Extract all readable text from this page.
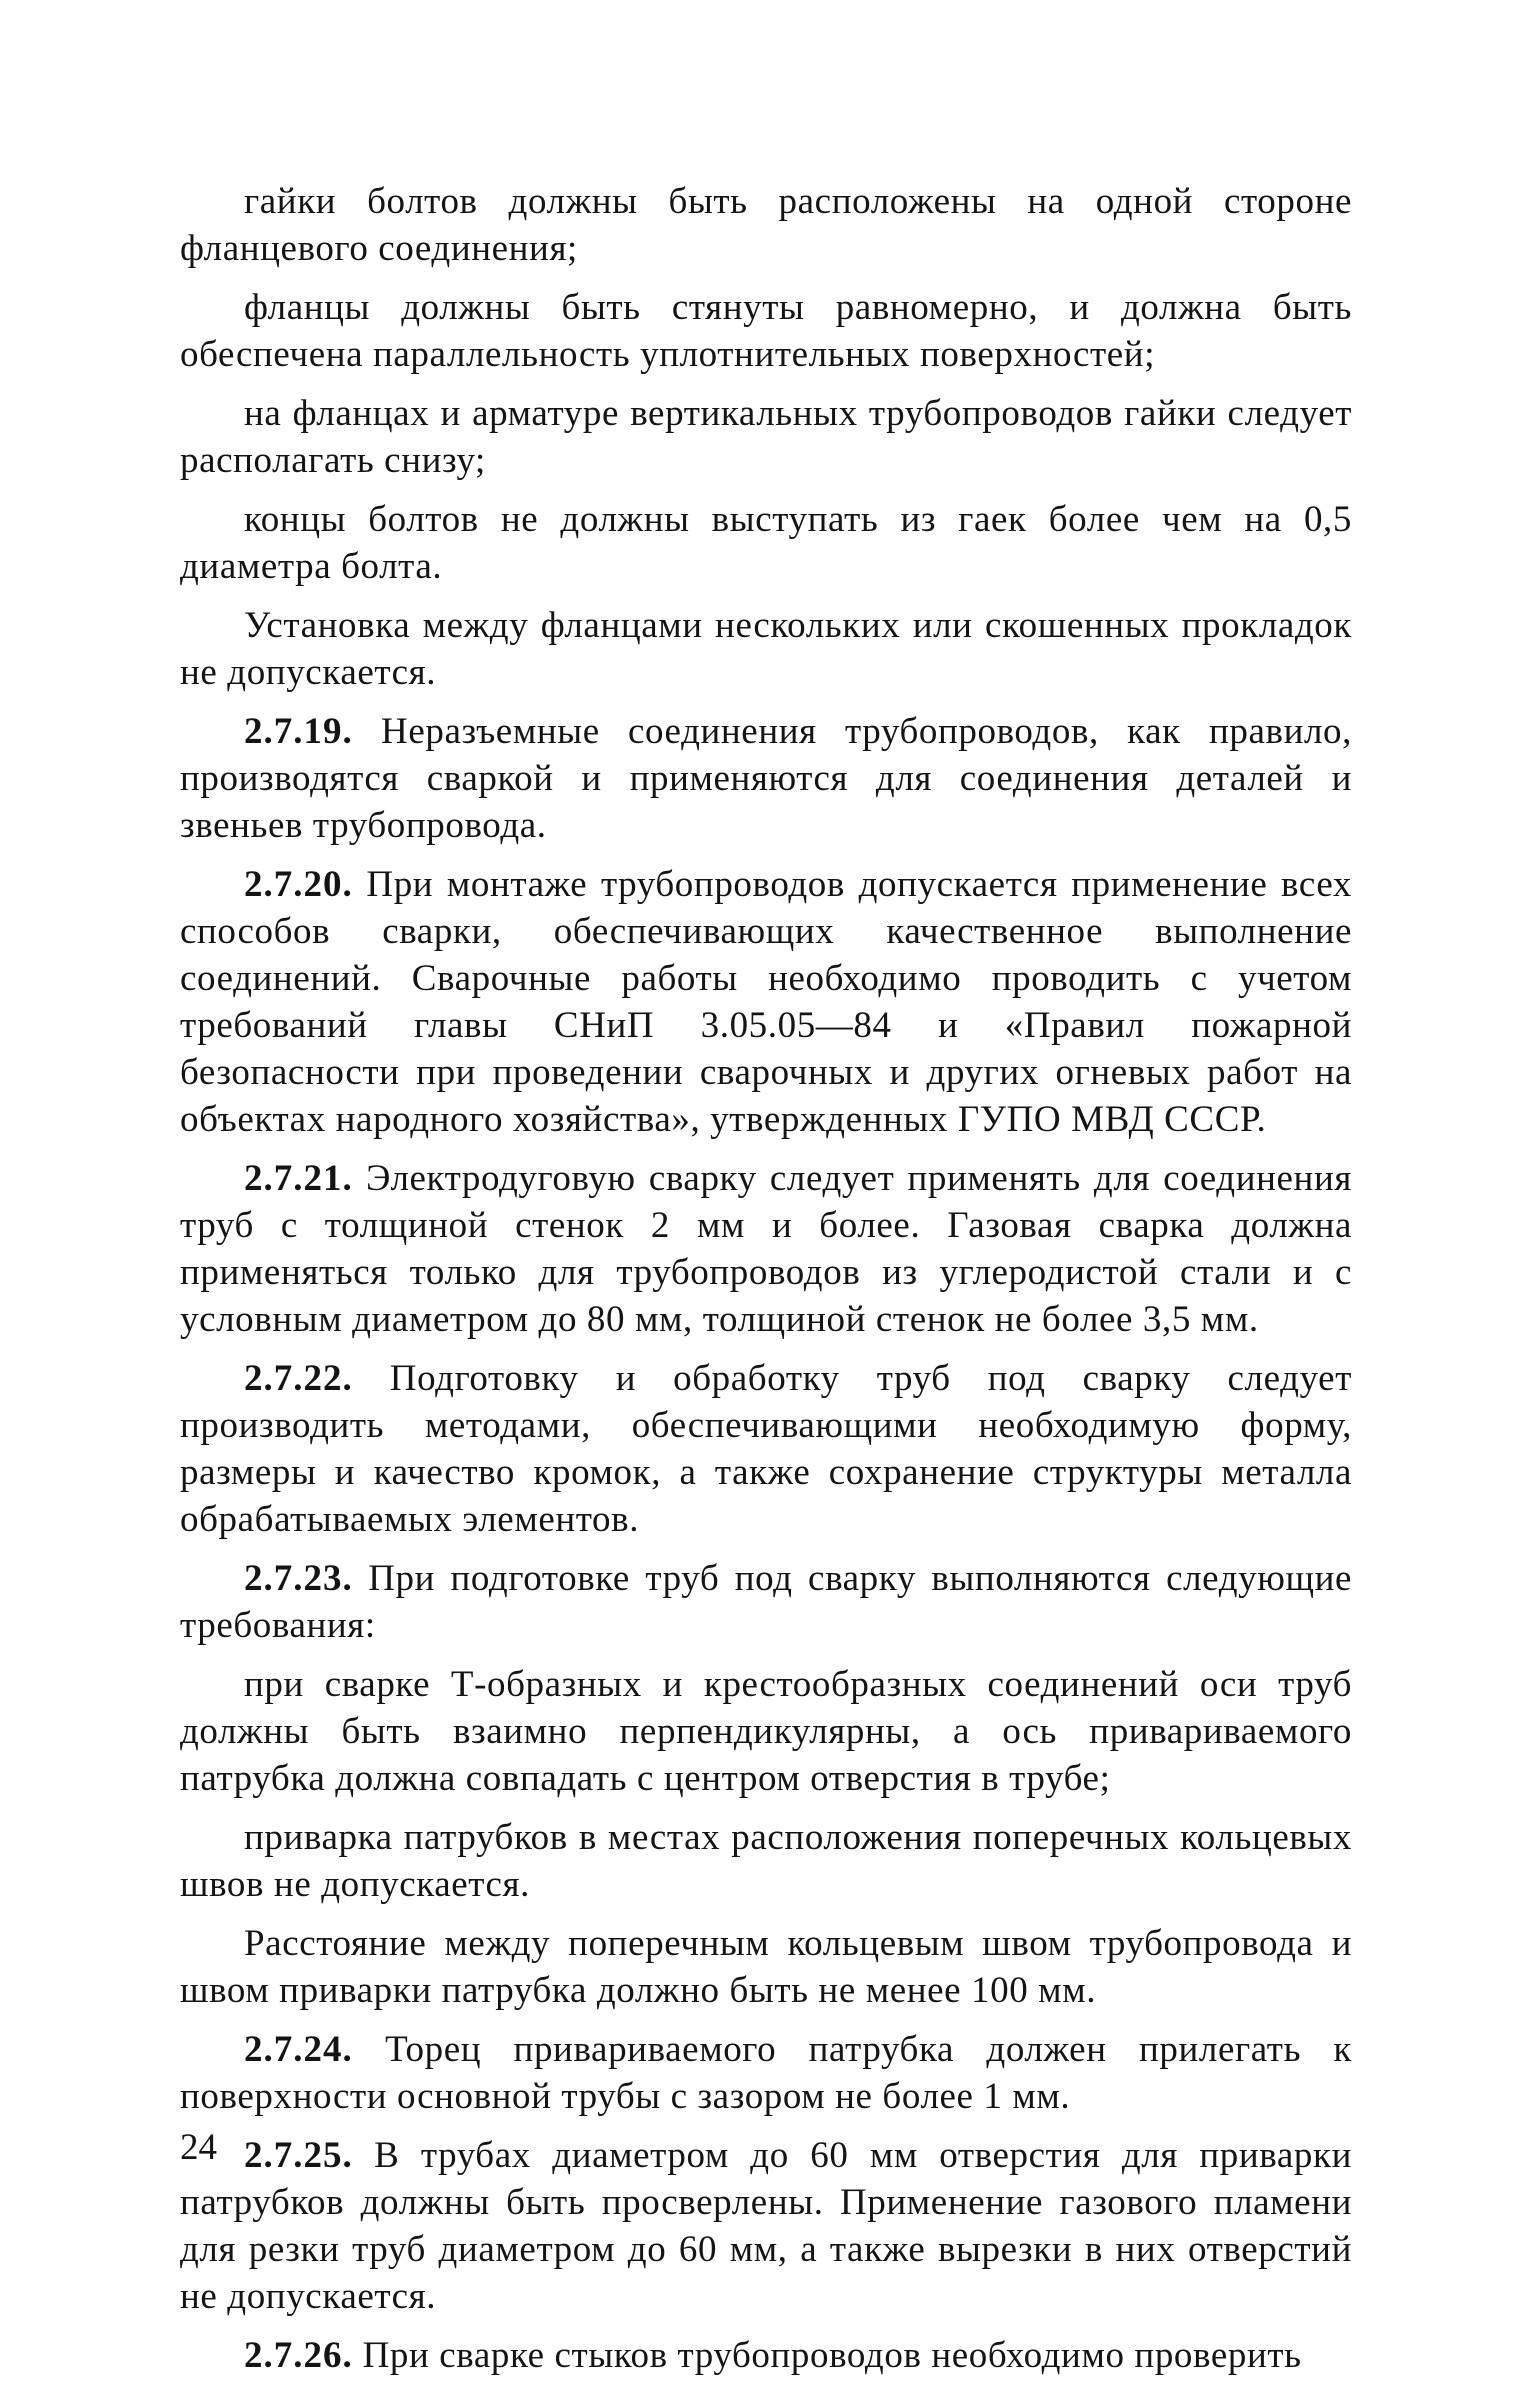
гайки болтов должны быть расположены на одной стороне фланцевого соединения;

фланцы должны быть стянуты равномерно, и должна быть обеспечена параллельность уплотнительных поверхностей;

на фланцах и арматуре вертикальных трубопроводов гайки следует располагать снизу;

концы болтов не должны выступать из гаек более чем на 0,5 диаметра болта.

Установка между фланцами нескольких или скошенных прокладок не допускается.

2.7.19. Неразъемные соединения трубопроводов, как правило, производятся сваркой и применяются для соединения деталей и звеньев трубопровода.

2.7.20. При монтаже трубопроводов допускается применение всех способов сварки, обеспечивающих качественное выполнение соединений. Сварочные работы необходимо проводить с учетом требований главы СНиП 3.05.05—84 и «Правил пожарной безопасности при проведении сварочных и других огневых работ на объектах народного хозяйства», утвержденных ГУПО МВД СССР.

2.7.21. Электродуговую сварку следует применять для соединения труб с толщиной стенок 2 мм и более. Газовая сварка должна применяться только для трубопроводов из углеродистой стали и с условным диаметром до 80 мм, толщиной стенок не более 3,5 мм.

2.7.22. Подготовку и обработку труб под сварку следует производить методами, обеспечивающими необходимую форму, размеры и качество кромок, а также сохранение структуры металла обрабатываемых элементов.

2.7.23. При подготовке труб под сварку выполняются следующие требования:

при сварке Т-образных и крестообразных соединений оси труб должны быть взаимно перпендикулярны, а ось привариваемого патрубка должна совпадать с центром отверстия в трубе;

приварка патрубков в местах расположения поперечных кольцевых швов не допускается.

Расстояние между поперечным кольцевым швом трубопровода и швом приварки патрубка должно быть не менее 100 мм.

2.7.24. Торец привариваемого патрубка должен прилегать к поверхности основной трубы с зазором не более 1 мм.

2.7.25. В трубах диаметром до 60 мм отверстия для приварки патрубков должны быть просверлены. Применение газового пламени для резки труб диаметром до 60 мм, а также вырезки в них отверстий не допускается.

2.7.26. При сварке стыков трубопроводов необходимо проверить

24
